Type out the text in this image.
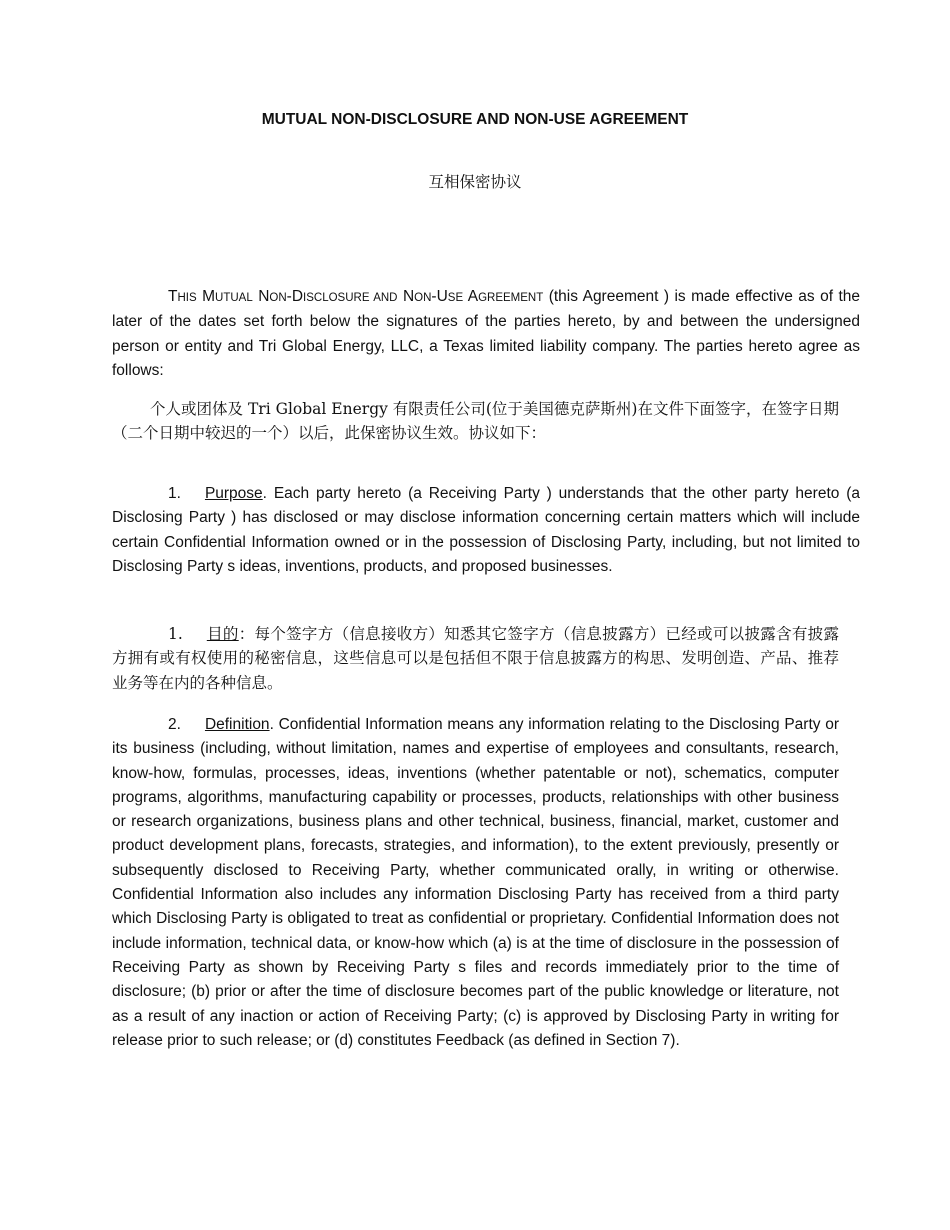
MUTUAL NON-DISCLOSURE AND NON-USE AGREEMENT
互相保密协议
THIS MUTUAL NON-DISCLOSURE AND NON-USE AGREEMENT (this Agreement ) is made effective as of the later of the dates set forth below the signatures of the parties hereto, by and between the undersigned person or entity and Tri Global Energy, LLC, a Texas limited liability company. The parties hereto agree as follows:
个人或团体及 Tri Global Energy 有限责任公司(位于美国德克萨斯州)在文件下面签字，在签字日期（二个日期中较迟的一个）以后，此保密协议生效。协议如下：
1. Purpose. Each party hereto (a Receiving Party ) understands that the other party hereto (a Disclosing Party ) has disclosed or may disclose information concerning certain matters which will include certain Confidential Information owned or in the possession of Disclosing Party, including, but not limited to Disclosing Party s ideas, inventions, products, and proposed businesses.
1. 目的：每个签字方（信息接收方）知悉其它签字方（信息披露方）已经或可以披露含有披露方拥有或有权使用的秘密信息，这些信息可以是包括但不限于信息披露方的构思、发明创造、产品、推荐业务等在内的各种信息。
2. Definition. Confidential Information means any information relating to the Disclosing Party or its business (including, without limitation, names and expertise of employees and consultants, research, know-how, formulas, processes, ideas, inventions (whether patentable or not), schematics, computer programs, algorithms, manufacturing capability or processes, products, relationships with other business or research organizations, business plans and other technical, business, financial, market, customer and product development plans, forecasts, strategies, and information), to the extent previously, presently or subsequently disclosed to Receiving Party, whether communicated orally, in writing or otherwise. Confidential Information also includes any information Disclosing Party has received from a third party which Disclosing Party is obligated to treat as confidential or proprietary. Confidential Information does not include information, technical data, or know-how which (a) is at the time of disclosure in the possession of Receiving Party as shown by Receiving Party s files and records immediately prior to the time of disclosure; (b) prior or after the time of disclosure becomes part of the public knowledge or literature, not as a result of any inaction or action of Receiving Party; (c) is approved by Disclosing Party in writing for release prior to such release; or (d) constitutes Feedback (as defined in Section 7).
